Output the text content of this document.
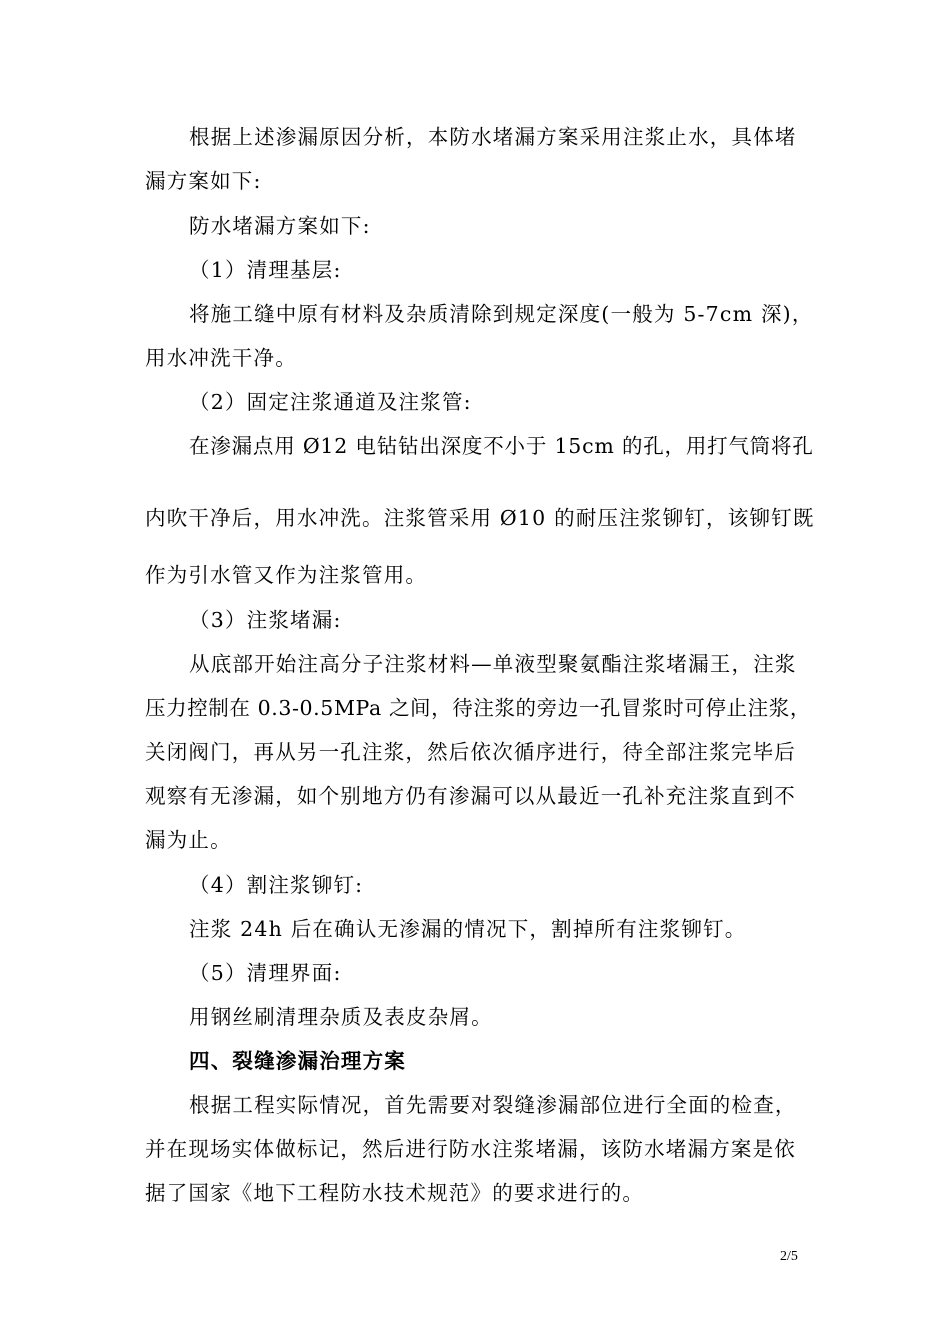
根据上述渗漏原因分析，本防水堵漏方案采用注浆止水，具体堵
漏方案如下:
防水堵漏方案如下:
（1）清理基层:
将施工缝中原有材料及杂质清除到规定深度(一般为 5-7cm 深)，
用水冲洗干净。
（2）固定注浆通道及注浆管:
在渗漏点用 Ø12 电钻钻出深度不小于 15cm 的孔，用打气筒将孔
内吹干净后，用水冲洗。注浆管采用 Ø10 的耐压注浆铆钉，该铆钉既
作为引水管又作为注浆管用。
（3）注浆堵漏:
从底部开始注高分子注浆材料—单液型聚氨酯注浆堵漏王，注浆
压力控制在 0.3-0.5MPa 之间，待注浆的旁边一孔冒浆时可停止注浆，
关闭阀门，再从另一孔注浆，然后依次循序进行，待全部注浆完毕后
观察有无渗漏，如个别地方仍有渗漏可以从最近一孔补充注浆直到不
漏为止。
（4）割注浆铆钉:
注浆 24h 后在确认无渗漏的情况下，割掉所有注浆铆钉。
（5）清理界面:
用钢丝刷清理杂质及表皮杂屑。
四、裂缝渗漏治理方案
根据工程实际情况，首先需要对裂缝渗漏部位进行全面的检查，
并在现场实体做标记，然后进行防水注浆堵漏，该防水堵漏方案是依
据了国家《地下工程防水技术规范》的要求进行的。
2/5
